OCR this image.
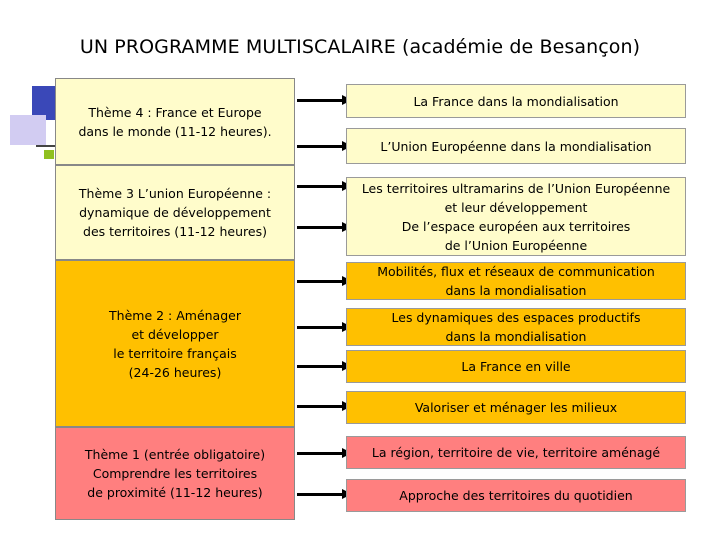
UN PROGRAMME MULTISCALAIRE (académie de Besançon)
Thème 4 : France et Europe
dans le monde (11-12 heures).
Thème 3 L’union Européenne :
dynamique de développement
des territoires (11-12 heures)
Thème 2 : Aménager
et développer
le territoire français
(24-26 heures)
Thème 1 (entrée obligatoire)
Comprendre les territoires
de proximité (11-12 heures)
La France dans la mondialisation
L’Union Européenne dans la mondialisation
Les territoires ultramarins de l’Union Européenne
et leur développement
De l’espace européen aux territoires
de l’Union Européenne
Mobilités, flux et réseaux de communication
dans la mondialisation
Les dynamiques des espaces productifs
dans la mondialisation
La France en ville
Valoriser et ménager les milieux
La région, territoire de vie, territoire aménagé
Approche des territoires du quotidien
